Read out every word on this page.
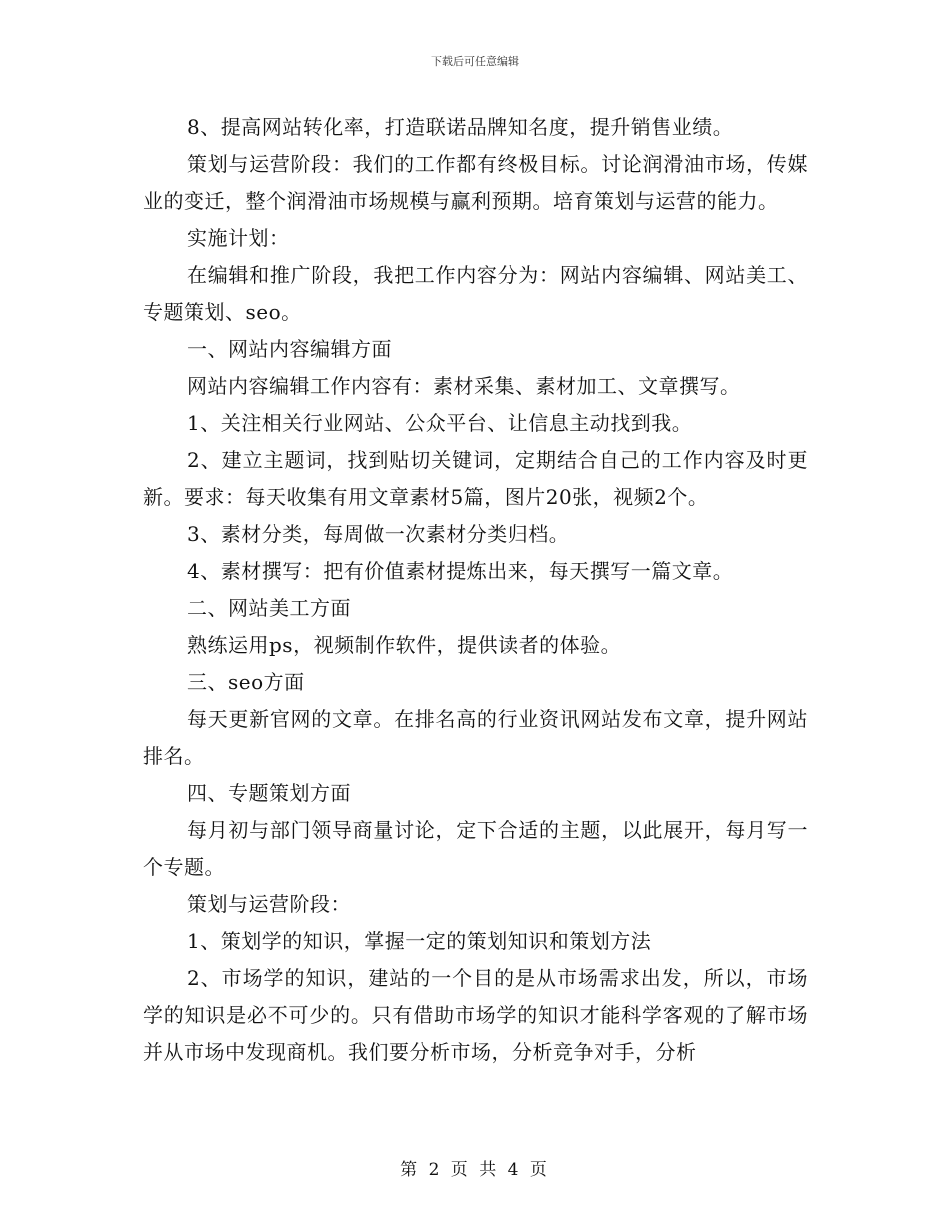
下载后可任意编辑

8、提高网站转化率，打造联诺品牌知名度，提升销售业绩。

策划与运营阶段：我们的工作都有终极目标。讨论润滑油市场，传媒业的变迁，整个润滑油市场规模与赢利预期。培育策划与运营的能力。

实施计划：

在编辑和推广阶段，我把工作内容分为：网站内容编辑、网站美工、专题策划、seo。

一、网站内容编辑方面

网站内容编辑工作内容有：素材采集、素材加工、文章撰写。

1、关注相关行业网站、公众平台、让信息主动找到我。

2、建立主题词，找到贴切关键词，定期结合自己的工作内容及时更新。要求：每天收集有用文章素材5篇，图片20张，视频2个。

3、素材分类，每周做一次素材分类归档。

4、素材撰写：把有价值素材提炼出来，每天撰写一篇文章。

二、网站美工方面

熟练运用ps，视频制作软件，提供读者的体验。

三、seo方面

每天更新官网的文章。在排名高的行业资讯网站发布文章，提升网站排名。

四、专题策划方面

每月初与部门领导商量讨论，定下合适的主题，以此展开，每月写一个专题。

策划与运营阶段：

1、策划学的知识，掌握一定的策划知识和策划方法

2、市场学的知识，建站的一个目的是从市场需求出发，所以，市场学的知识是必不可少的。只有借助市场学的知识才能科学客观的了解市场并从市场中发现商机。我们要分析市场，分析竞争对手，分析

第 2 页 共 4 页
